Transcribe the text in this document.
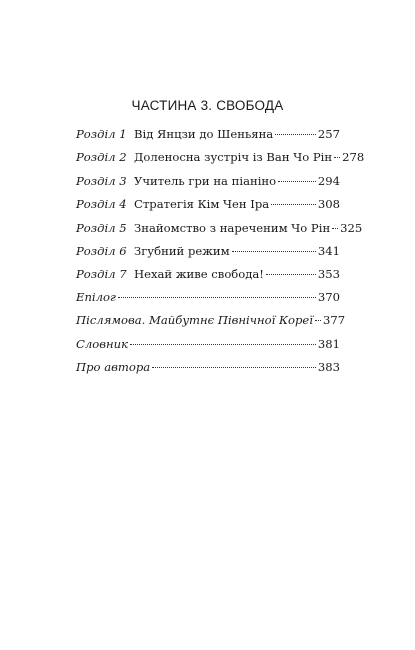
ЧАСТИНА 3. СВОБОДА
Розділ 1 Від Янцзи до Шеньяна	257
Розділ 2 Доленосна зустріч із Ван Чо Рін 278
Розділ 3 Учитель гри на піаніно	294
Розділ 4 Стратегія Кім Чен Іра	308
Розділ 5 Знайомство з нареченим Чо Рін 325
Розділ 6 Згубний режим	341
Розділ 7 Нехай живе свобода!	353
Епілог	370
Післямова. Майбутнє Північної Кореї 377
Словник	381
Про автора	383
